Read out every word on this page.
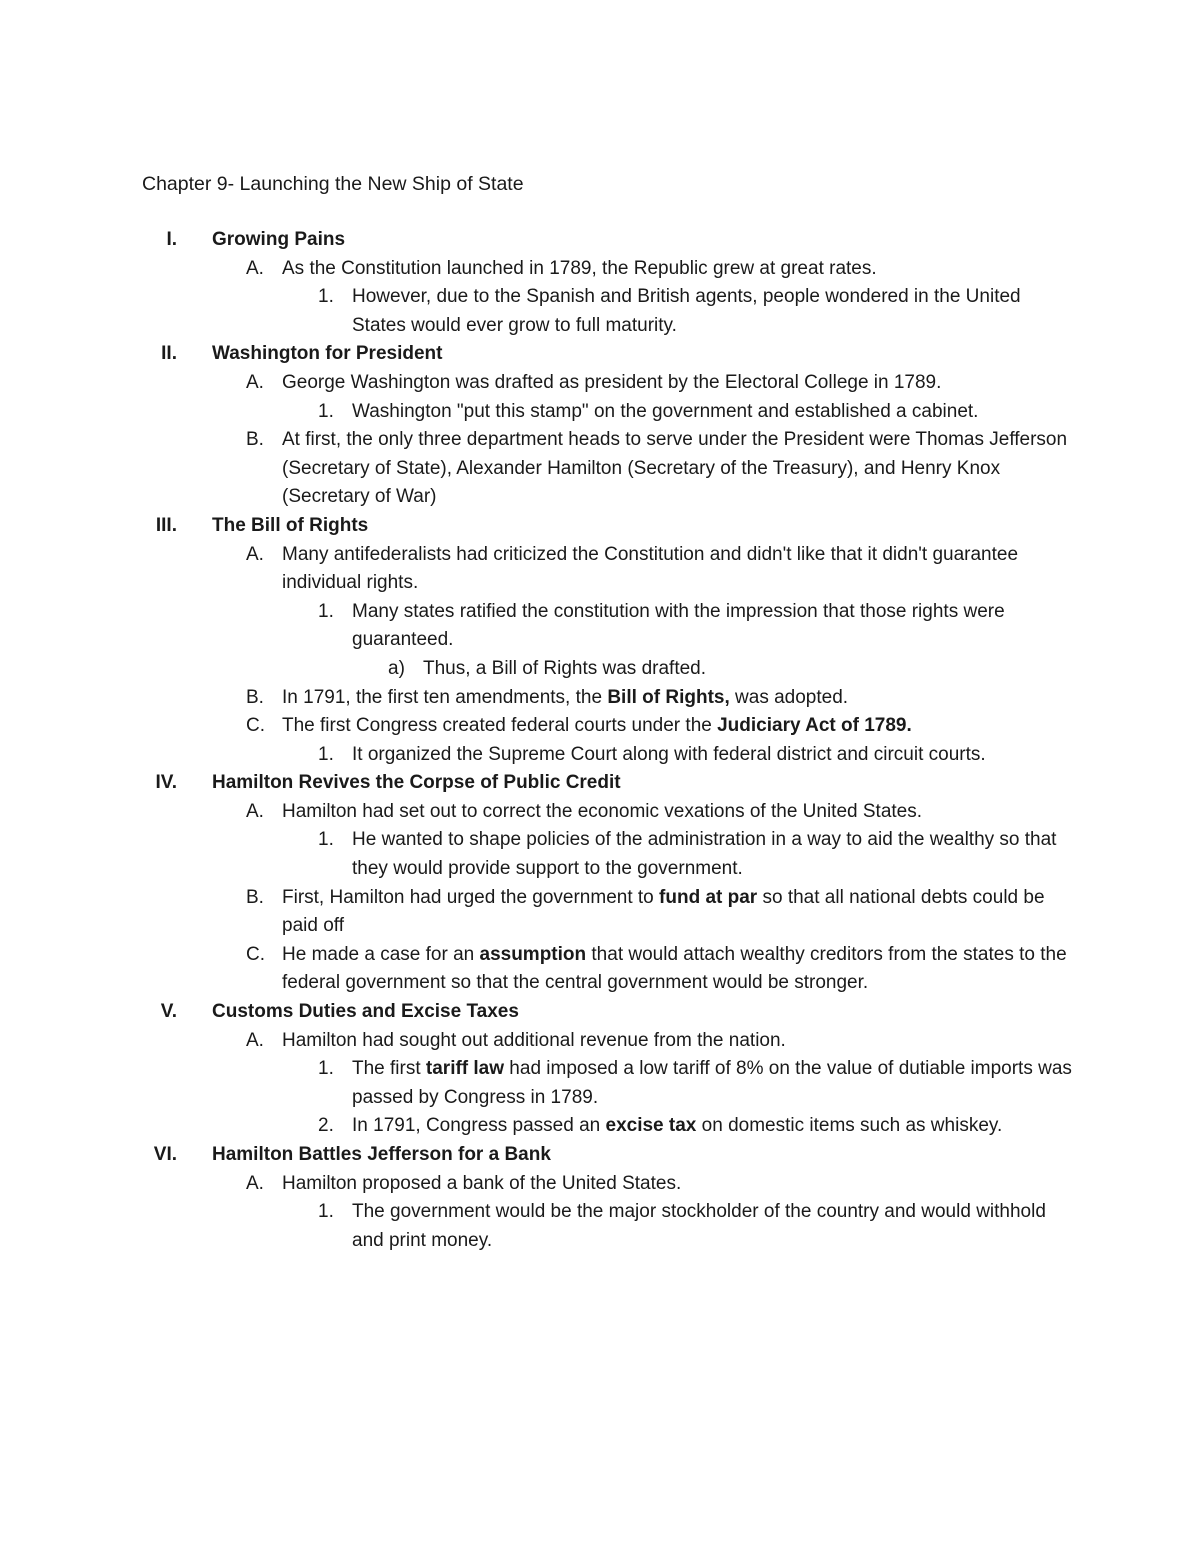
Chapter 9- Launching the New Ship of State
I. Growing Pains
A. As the Constitution launched in 1789, the Republic grew at great rates.
1. However, due to the Spanish and British agents, people wondered in the United States would ever grow to full maturity.
II. Washington for President
A. George Washington was drafted as president by the Electoral College in 1789.
1. Washington "put this stamp" on the government and established a cabinet.
B. At first, the only three department heads to serve under the President were Thomas Jefferson (Secretary of State), Alexander Hamilton (Secretary of the Treasury), and Henry Knox (Secretary of War)
III. The Bill of Rights
A. Many antifederalists had criticized the Constitution and didn't like that it didn't guarantee individual rights.
1. Many states ratified the constitution with the impression that those rights were guaranteed.
a) Thus, a Bill of Rights was drafted.
B. In 1791, the first ten amendments, the Bill of Rights, was adopted.
C. The first Congress created federal courts under the Judiciary Act of 1789.
1. It organized the Supreme Court along with federal district and circuit courts.
IV. Hamilton Revives the Corpse of Public Credit
A. Hamilton had set out to correct the economic vexations of the United States.
1. He wanted to shape policies of the administration in a way to aid the wealthy so that they would provide support to the government.
B. First, Hamilton had urged the government to fund at par so that all national debts could be paid off
C. He made a case for an assumption that would attach wealthy creditors from the states to the federal government so that the central government would be stronger.
V. Customs Duties and Excise Taxes
A. Hamilton had sought out additional revenue from the nation.
1. The first tariff law had imposed a low tariff of 8% on the value of dutiable imports was passed by Congress in 1789.
2. In 1791, Congress passed an excise tax on domestic items such as whiskey.
VI. Hamilton Battles Jefferson for a Bank
A. Hamilton proposed a bank of the United States.
1. The government would be the major stockholder of the country and would withhold and print money.
